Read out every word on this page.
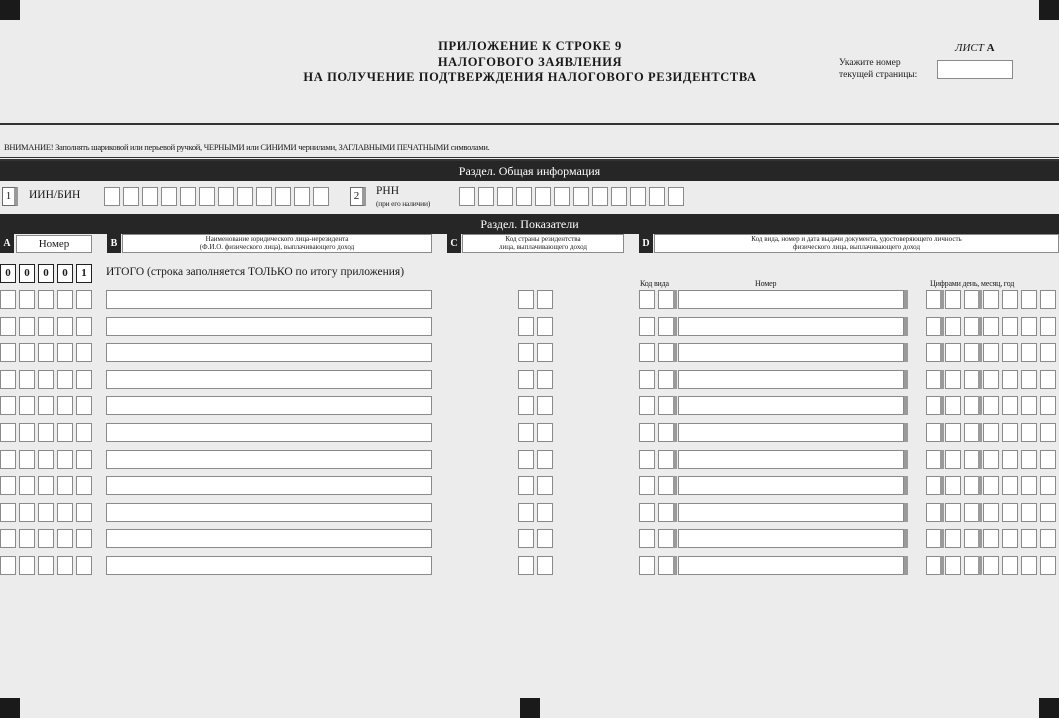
ПРИЛОЖЕНИЕ К СТРОКЕ 9
НАЛОГОВОГО ЗАЯВЛЕНИЯ
НА ПОЛУЧЕНИЕ ПОДТВЕРЖДЕНИЯ НАЛОГОВОГО РЕЗИДЕНТСТВА
ЛИСТ А
Укажите номер
текущей страницы:
ВНИМАНИЕ! Заполнять шариковой или перьевой ручкой, ЧЕРНЫМИ или СИНИМИ чернилами, ЗАГЛАВНЫМИ ПЕЧАТНЫМИ символами.
Раздел. Общая информация
1	ИИН/БИН	2	РНН
(при его наличии)
Раздел. Показатели
A	Номер	B	Наименование юридического лица-нерезидента
(Ф.И.О. физического лица), выплачивающего доход	C	Код страны резидентства
лица, выплачивающего доход	D	Код вида, номер и дата выдачи документа, удостоверяющего личность
физического лица, выплачивающего доход
0	0	0	0	1	ИТОГО (строка заполняется ТОЛЬКО по итогу приложения)
Код вида	Номер	Цифрами день, месяц, год
